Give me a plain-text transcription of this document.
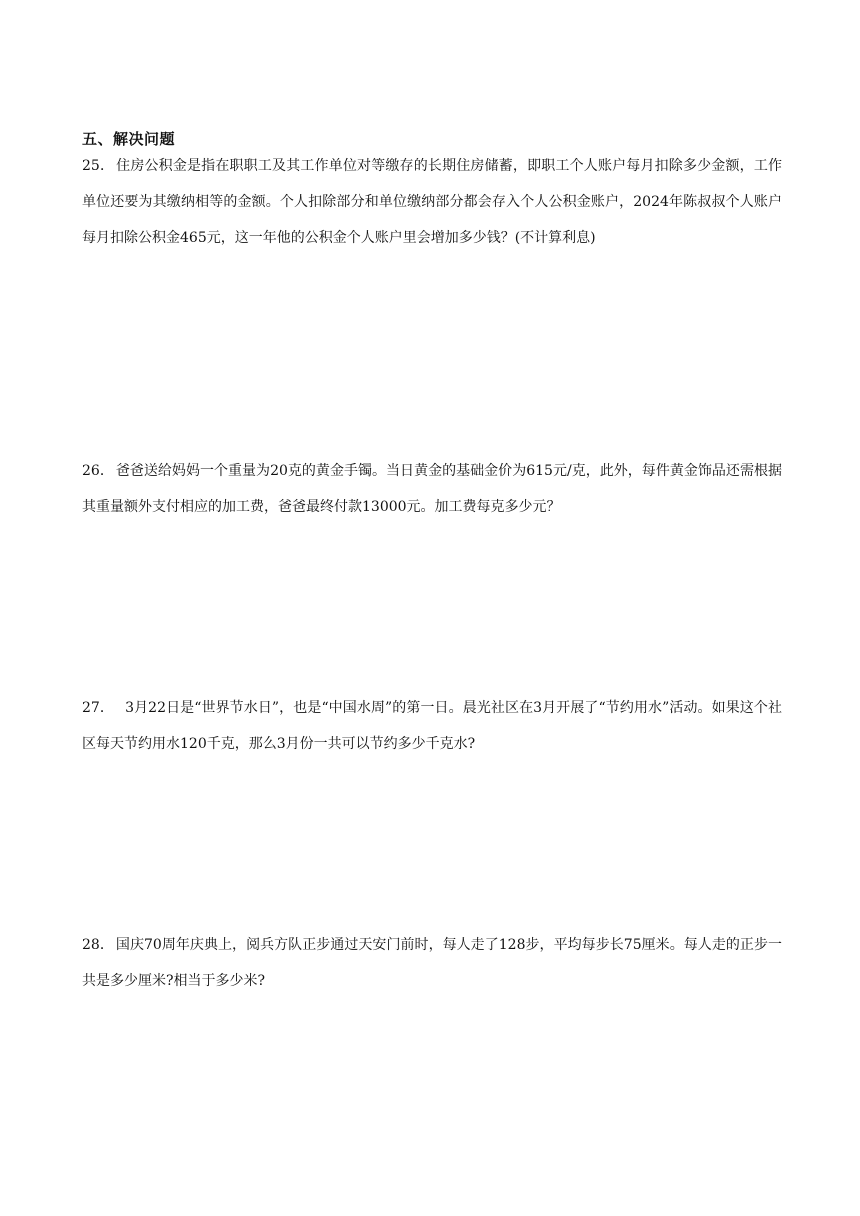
五、解决问题

25． 住房公积金是指在职职工及其工作单位对等缴存的长期住房储蓄，即职工个人账户每月扣除多少金额，工作单位还要为其缴纳相等的金额。个人扣除部分和单位缴纳部分都会存入个人公积金账户，2024年陈叔叔个人账户每月扣除公积金465元，这一年他的公积金个人账户里会增加多少钱？(不计算利息)

26． 爸爸送给妈妈一个重量为20克的黄金手镯。当日黄金的基础金价为615元/克，此外，每件黄金饰品还需根据其重量额外支付相应的加工费，爸爸最终付款13000元。加工费每克多少元？

27．  3月22日是“世界节水日”，也是“中国水周”的第一日。晨光社区在3月开展了“节约用水”活动。如果这个社区每天节约用水120千克，那么3月份一共可以节约多少千克水?

28． 国庆70周年庆典上，阅兵方队正步通过天安门前时，每人走了128步，平均每步长75厘米。每人走的正步一共是多少厘米?相当于多少米?
